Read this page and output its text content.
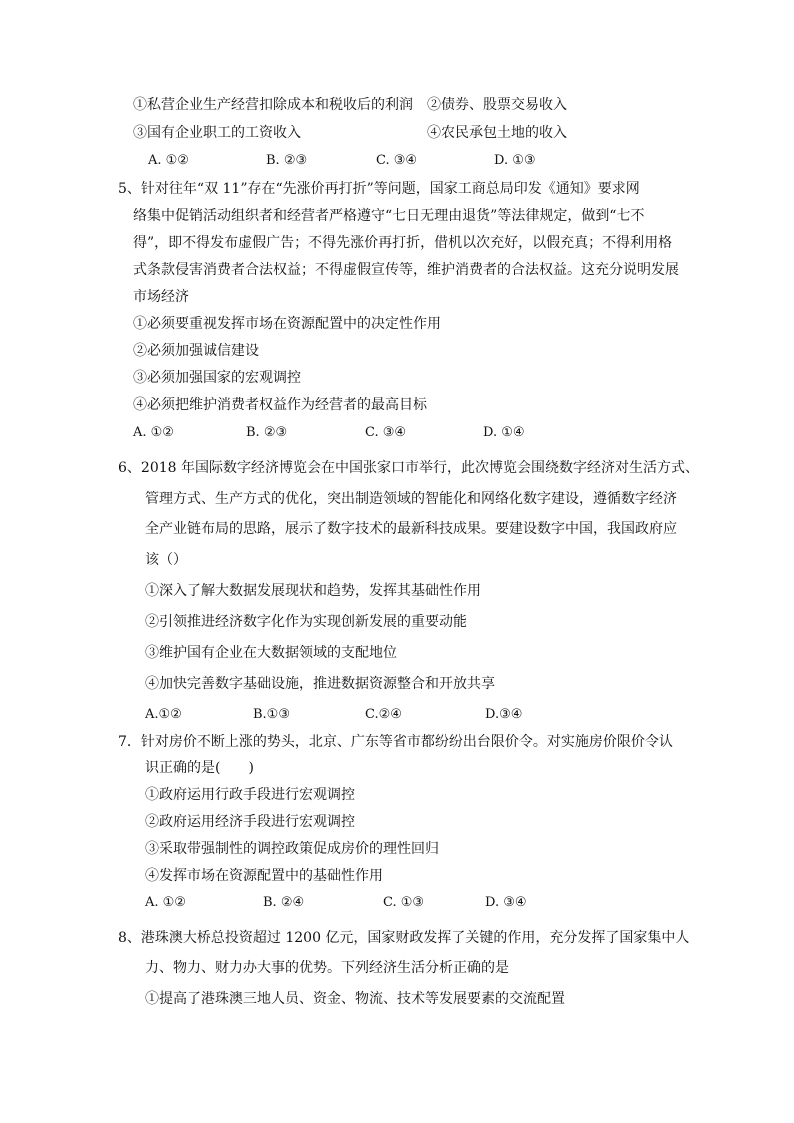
①私营企业生产经营扣除成本和税收后的利润 ②债券、股票交易收入
③国有企业职工的工资收入	④农民承包土地的收入
A. ①②	B. ②③	C. ③④	D. ①③
5、针对往年“双 11”存在“先涨价再打折”等问题，国家工商总局印发《通知》要求网
络集中促销活动组织者和经营者严格遵守“七日无理由退货”等法律规定，做到“七不
得”，即不得发布虚假广告；不得先涨价再打折，借机以次充好，以假充真；不得利用格
式条款侵害消费者合法权益；不得虚假宣传等，维护消费者的合法权益。这充分说明发展
市场经济
①必须要重视发挥市场在资源配置中的决定性作用
②必须加强诚信建设
③必须加强国家的宏观调控
④必须把维护消费者权益作为经营者的最高目标
A. ①②	B. ②③	C. ③④	D. ①④
6、2018 年国际数字经济博览会在中国张家口市举行，此次博览会围绕数字经济对生活方式、
管理方式、生产方式的优化，突出制造领域的智能化和网络化数字建设，遵循数字经济
全产业链布局的思路，展示了数字技术的最新科技成果。要建设数字中国，我国政府应
该（）
①深入了解大数据发展现状和趋势，发挥其基础性作用
②引领推进经济数字化作为实现创新发展的重要动能
③维护国有企业在大数据领域的支配地位
④加快完善数字基础设施，推进数据资源整合和开放共享
A.①②	B.①③	C.②④	D.③④
7．针对房价不断上涨的势头，北京、广东等省市都纷纷出台限价令。对实施房价限价令认
识正确的是(　　)
①政府运用行政手段进行宏观调控
②政府运用经济手段进行宏观调控
③采取带强制性的调控政策促成房价的理性回归
④发挥市场在资源配置中的基础性作用
A. ①②	B. ②④	C. ①③	D. ③④
8、港珠澳大桥总投资超过 1200 亿元，国家财政发挥了关键的作用，充分发挥了国家集中人
力、物力、财力办大事的优势。下列经济生活分析正确的是
①提高了港珠澳三地人员、资金、物流、技术等发展要素的交流配置
